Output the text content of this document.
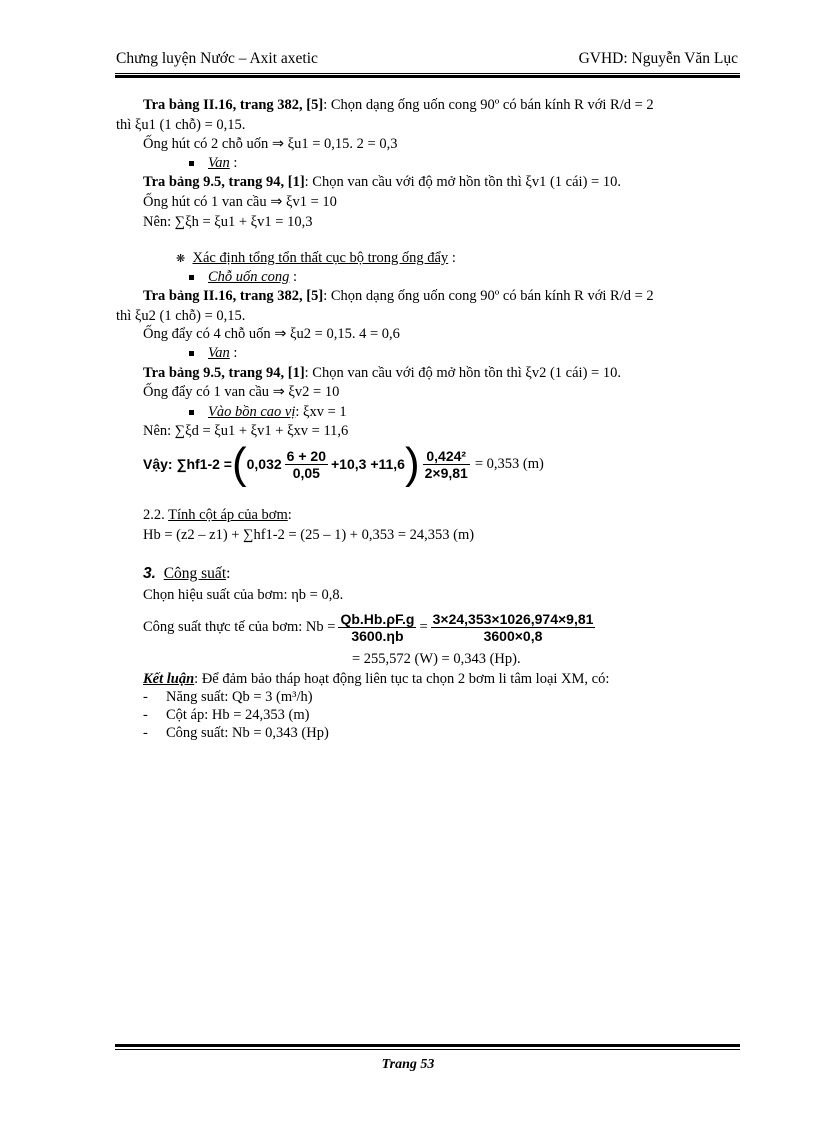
Chưng luyện Nước – Axit axetic	GVHD: Nguyễn Văn Lục
Tra bảng II.16, trang 382, [5]: Chọn dạng ống uốn cong 90º có bán kính R với R/d = 2
thì ξu1 (1 chỗ) = 0,15.
Ống hút có 2 chỗ uốn ⇒ ξu1 = 0,15. 2 = 0,3
Van :
Tra bảng 9.5, trang 94, [1]: Chọn van cầu với độ mở hồn tồn thì ξv1 (1 cái) = 10.
Ống hút có 1 van cầu ⇒ ξv1 = 10
Nên: ∑ξh = ξu1 + ξv1 = 10,3
❋ Xác định tổng tổn thất cục bộ trong ống đẩy :
Chỗ uốn cong :
Tra bảng II.16, trang 382, [5]: Chọn dạng ống uốn cong 90º có bán kính R với R/d = 2
thì ξu2 (1 chỗ) = 0,15.
Ống đẩy có 4 chỗ uốn ⇒ ξu2 = 0,15. 4 = 0,6
Van :
Tra bảng 9.5, trang 94, [1]: Chọn van cầu với độ mở hồn tồn thì ξv2 (1 cái) = 10.
Ống đẩy có 1 van cầu ⇒ ξv2 = 10
Vào bồn cao vị: ξxv = 1
Nên: ∑ξd = ξu1 + ξv1 + ξxv = 11,6
Vậy: ∑hf1-2 = ( $0,032 \frac{6 + 20}{0,05} +10,3 +11,6$ ) $\frac{\text{0,424²}}{2\times 9,81} = 0,353$ (m)
2.2. Tính cột áp của bơm:
Hb = (z2 – z1) + ∑hf1-2 = (25 – 1) + 0,353 = 24,353 (m)
3. Công suất:
Chọn hiệu suất của bơm: ηb = 0,8.
Công suất thực tế của bơm: $Nb = \frac{Qb.Hb.\rho F.g}{3600.\eta b} = \frac{3\times 24,353\times 1026,974\times 9,81}{3600\times 0,8}$
= 255,572 (W) = 0,343 (Hp).
Kết luận: Để đảm bảo tháp hoạt động liên tục ta chọn 2 bơm li tâm loại XM, có:
-     Năng suất: Qb = 3 (m³/h)
-     Cột áp: Hb = 24,353 (m)
-     Công suất: Nb = 0,343 (Hp)
Trang 53
